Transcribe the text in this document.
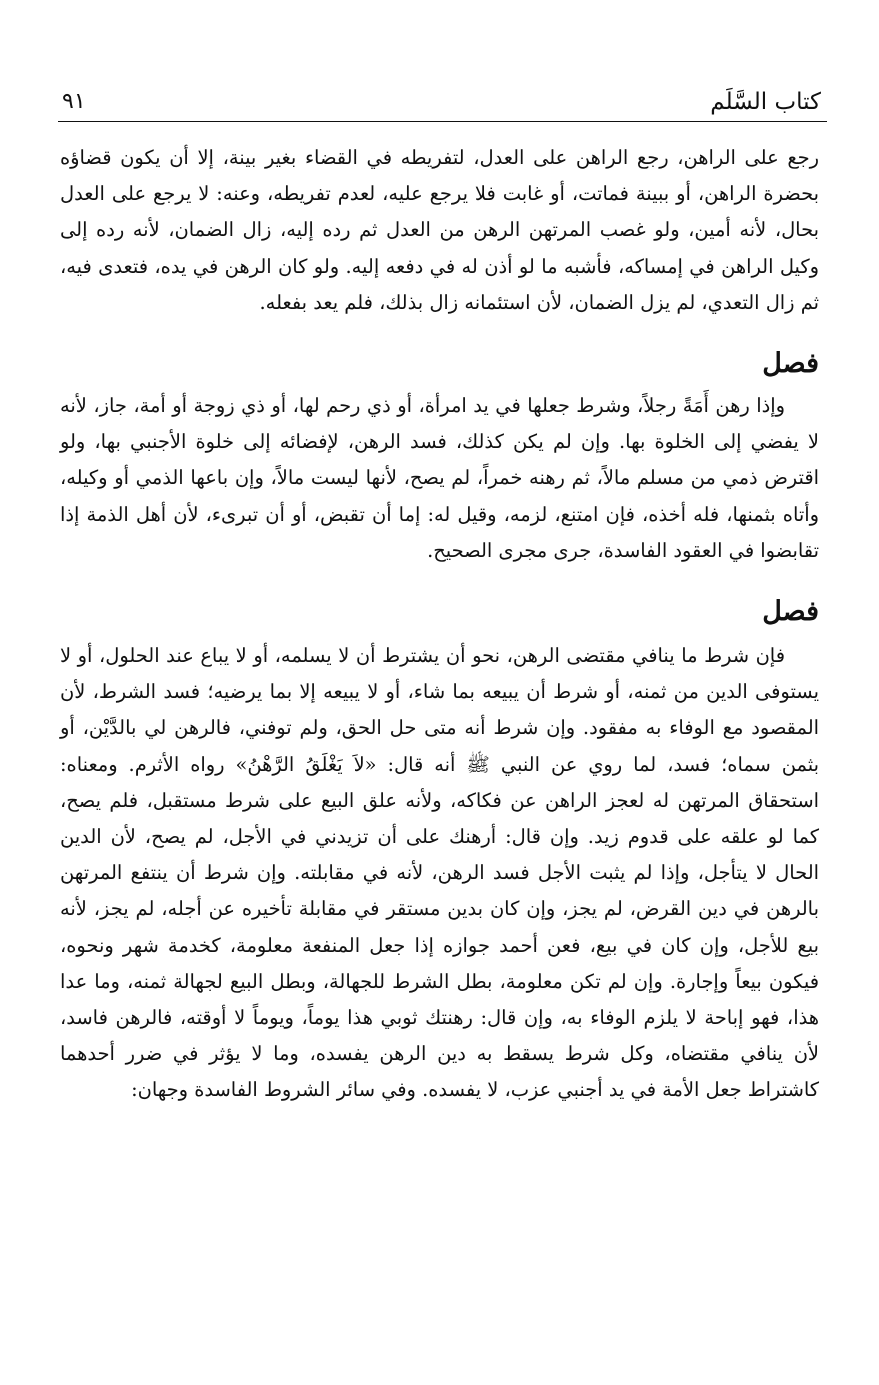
كتاب السَّلَم
٩١

رجع على الراهن، رجع الراهن على العدل، لتفريطه في القضاء بغير بينة، إلا أن يكون قضاؤه بحضرة الراهن، أو ببينة فماتت، أو غابت فلا يرجع عليه، لعدم تفريطه، وعنه: لا يرجع على العدل بحال، لأنه أمين، ولو غصب المرتهن الرهن من العدل ثم رده إليه، زال الضمان، لأنه رده إلى وكيل الراهن في إمساكه، فأشبه ما لو أذن له في دفعه إليه. ولو كان الرهن في يده، فتعدى فيه، ثم زال التعدي، لم يزل الضمان، لأن استئمانه زال بذلك، فلم يعد بفعله.

فصل

وإذا رهن أَمَةً رجلاً، وشرط جعلها في يد امرأة، أو ذي رحم لها، أو ذي زوجة أو أمة، جاز، لأنه لا يفضي إلى الخلوة بها. وإن لم يكن كذلك، فسد الرهن، لإفضائه إلى خلوة الأجنبي بها، ولو اقترض ذمي من مسلم مالاً، ثم رهنه خمراً، لم يصح، لأنها ليست مالاً، وإن باعها الذمي أو وكيله، وأتاه بثمنها، فله أخذه، فإن امتنع، لزمه، وقيل له: إما أن تقبض، أو أن تبرىء، لأن أهل الذمة إذا تقابضوا في العقود الفاسدة، جرى مجرى الصحيح.

فصل

فإن شرط ما ينافي مقتضى الرهن، نحو أن يشترط أن لا يسلمه، أو لا يباع عند الحلول، أو لا يستوفى الدين من ثمنه، أو شرط أن يبيعه بما شاء، أو لا يبيعه إلا بما يرضيه؛ فسد الشرط، لأن المقصود مع الوفاء به مفقود. وإن شرط أنه متى حل الحق، ولم توفني، فالرهن لي بالدَّيْن، أو بثمن سماه؛ فسد، لما روي عن النبي ﷺ أنه قال: «لاَ يَغْلَقُ الرَّهْنُ» رواه الأثرم. ومعناه: استحقاق المرتهن له لعجز الراهن عن فكاكه، ولأنه علق البيع على شرط مستقبل، فلم يصح، كما لو علقه على قدوم زيد. وإن قال: أرهنك على أن تزيدني في الأجل، لم يصح، لأن الدين الحال لا يتأجل، وإذا لم يثبت الأجل فسد الرهن، لأنه في مقابلته. وإن شرط أن ينتفع المرتهن بالرهن في دين القرض، لم يجز، وإن كان بدين مستقر في مقابلة تأخيره عن أجله، لم يجز، لأنه بيع للأجل، وإن كان في بيع، فعن أحمد جوازه إذا جعل المنفعة معلومة، كخدمة شهر ونحوه، فيكون بيعاً وإجارة. وإن لم تكن معلومة، بطل الشرط للجهالة، وبطل البيع لجهالة ثمنه، وما عدا هذا، فهو إباحة لا يلزم الوفاء به، وإن قال: رهنتك ثوبي هذا يوماً، ويوماً لا أوقته، فالرهن فاسد، لأن ينافي مقتضاه، وكل شرط يسقط به دين الرهن يفسده، وما لا يؤثر في ضرر أحدهما كاشتراط جعل الأمة في يد أجنبي عزب، لا يفسده. وفي سائر الشروط الفاسدة وجهان:
